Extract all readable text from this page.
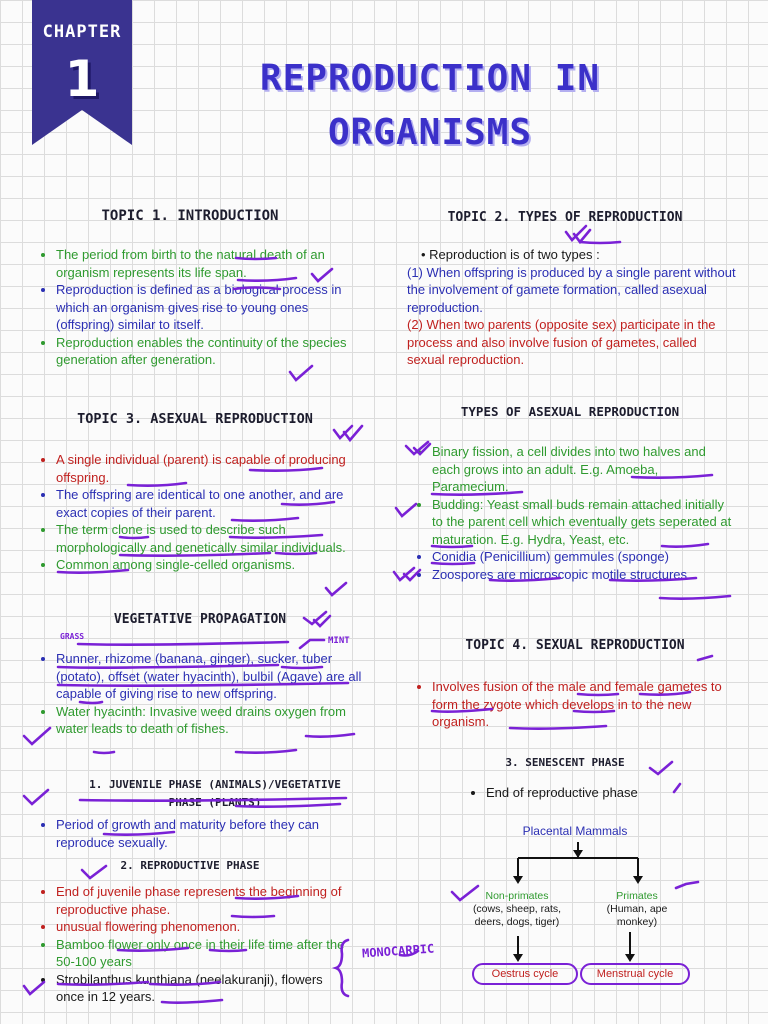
CHAPTER
1	REPRODUCTION IN
ORGANISMS
TOPIC 1. INTRODUCTION
• The period from birth to the natural death of an organism represents its life span.
• Reproduction is defined as a biological process in which an organism gives rise to young ones (offspring) similar to itself.
• Reproduction enables the continuity of the species generation after generation.
TOPIC 2. TYPES OF REPRODUCTION
• Reproduction is of two types :
(1) When offspring is produced by a single parent without the involvement of gamete formation, called asexual reproduction.
(2) When two parents (opposite sex) participate in the process and also involve fusion of gametes, called sexual reproduction.
TOPIC 3. ASEXUAL REPRODUCTION
• A single individual (parent) is capable of producing offspring.
• The offspring are identical to one another, and are exact copies of their parent.
• The term clone is used to describe such morphologically and genetically similar individuals.
• Common among single-celled organisms.
TYPES OF ASEXUAL REPRODUCTION
• Binary fission, a cell divides into two halves and each grows into an adult. E.g. Amoeba, Paramecium.
• Budding: Yeast small buds remain attached initially to the parent cell which eventually gets seperated at maturation. E.g. Hydra, Yeast, etc.
• Conidia (Penicillium) gemmules (sponge)
• Zoospores are microscopic motile structures
VEGETATIVE PROPAGATION
GRASS	MINT
• Runner, rhizome (banana, ginger), sucker, tuber (potato), offset (water hyacinth), bulbil (Agave) are all capable of giving rise to new offspring.
• Water hyacinth: Invasive weed drains oxygen from water leads to death of fishes.
TOPIC 4. SEXUAL REPRODUCTION
• Involves fusion of the male and female gametes to form the zygote which develops in to the new organism.
1. JUVENILE PHASE (ANIMALS)/VEGETATIVE PHASE (PLANTS)
• Period of growth and maturity before they can reproduce sexually.
2. REPRODUCTIVE PHASE
• End of juvenile phase represents the beginning of reproductive phase.
• unusual flowering phenomenon.
• Bamboo flower only once in their life time after the 50-100 years
• Strobilanthus kunthiana (neelakuranji), flowers once in 12 years.
MONOCARPIC
3. SENESCENT PHASE
• End of reproductive phase
Placental Mammals
Non-primates
(cows, sheep, rats, deers, dogs, tiger)
Primates
(Human, ape monkey)
Oestrus cycle	Menstrual cycle
